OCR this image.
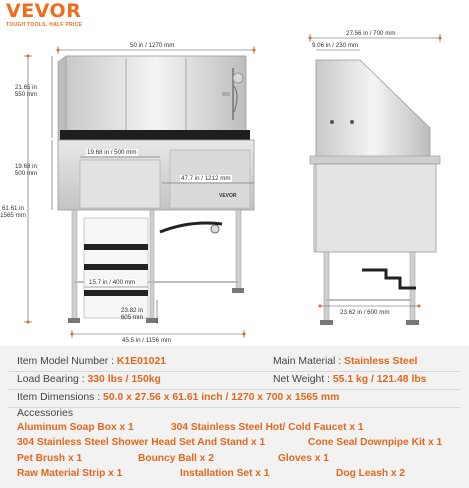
VEVOR
TOUGH TOOLS, HALF PRICE
VEVOR
50 in / 1270 mm
21.65 in
550 mm
19.68 in / 500 mm
19.68 in
500 mm
47.7 in / 1212 mm
61.61 in
1565 mm
15.7 in / 400 mm
23.82 in
605 mm
45.5 in / 1156 mm
27.56 in / 700 mm
9.06 in / 230 mm
23.62 in / 600 mm
Item Model Number : K1E01021	Main Material : Stainless Steel
Load Bearing : 330 lbs / 150kg	Net Weight : 55.1 kg / 121.48 lbs
Item Dimensions : 50.0 x 27.56 x 61.61 inch / 1270 x 700 x 1565 mm
Accessories
Aluminum Soap Box x 1	304 Stainless Steel Hot/ Cold Faucet x 1
304 Stainless Steel Shower Head Set And Stand x 1	Cone Seal Downpipe Kit x 1
Pet Brush x 1	Bouncy Ball x 2	Gloves x 1
Raw Material Strip x 1	Installation Set x 1	Dog Leash x 2
